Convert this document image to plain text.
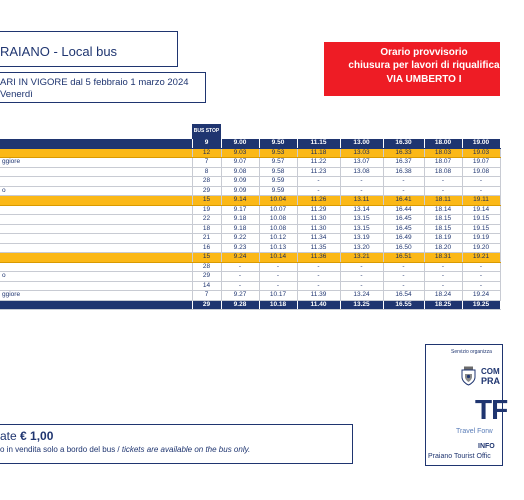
RAIANO - Local bus
ARI IN VIGORE dal 5 febbraio 1 marzo 2024
Venerdì
Orario provvisorio
chiusura per lavori di riqualifica
VIA UMBERTO I
BUS STOP
	9	9.00	9.50	11.15	13.00	16.30	18.00	19.00
	12	9.03	9.53	11.18	13.03	16.33	18.03	19.03
ggiore	7	9.07	9.57	11.22	13.07	16.37	18.07	19.07
	8	9.08	9.58	11.23	13.08	16.38	18.08	19.08
	28	9.09	9.59	-	-	-	-	-
o	29	9.09	9.59	-	-	-	-	-
	15	9.14	10.04	11.26	13.11	16.41	18.11	19.11
	19	9.17	10.07	11.29	13.14	16.44	18.14	19.14
	22	9.18	10.08	11.30	13.15	16.45	18.15	19.15
	18	9.18	10.08	11.30	13.15	16.45	18.15	19.15
	21	9.22	10.12	11.34	13.19	16.49	18.19	19.19
	16	9.23	10.13	11.35	13.20	16.50	18.20	19.20
	15	9.24	10.14	11.36	13.21	16.51	18.31	19.21
	28	-	-	-	-	-	-	-
o	29	-	-	-	-	-	-	-
	14	-	-	-	-	-	-	-
ggiore	7	9.27	10.17	11.39	13.24	16.54	18.24	19.24
	29	9.28	10.18	11.40	13.25	16.55	18.25	19.25
ate € 1,00
o in vendita solo a bordo del bus / tickets are available on the bus only.
Servizio organizza
COM
PRA
TF
Travel Forw
INFO
Praiano Tourist Offic
